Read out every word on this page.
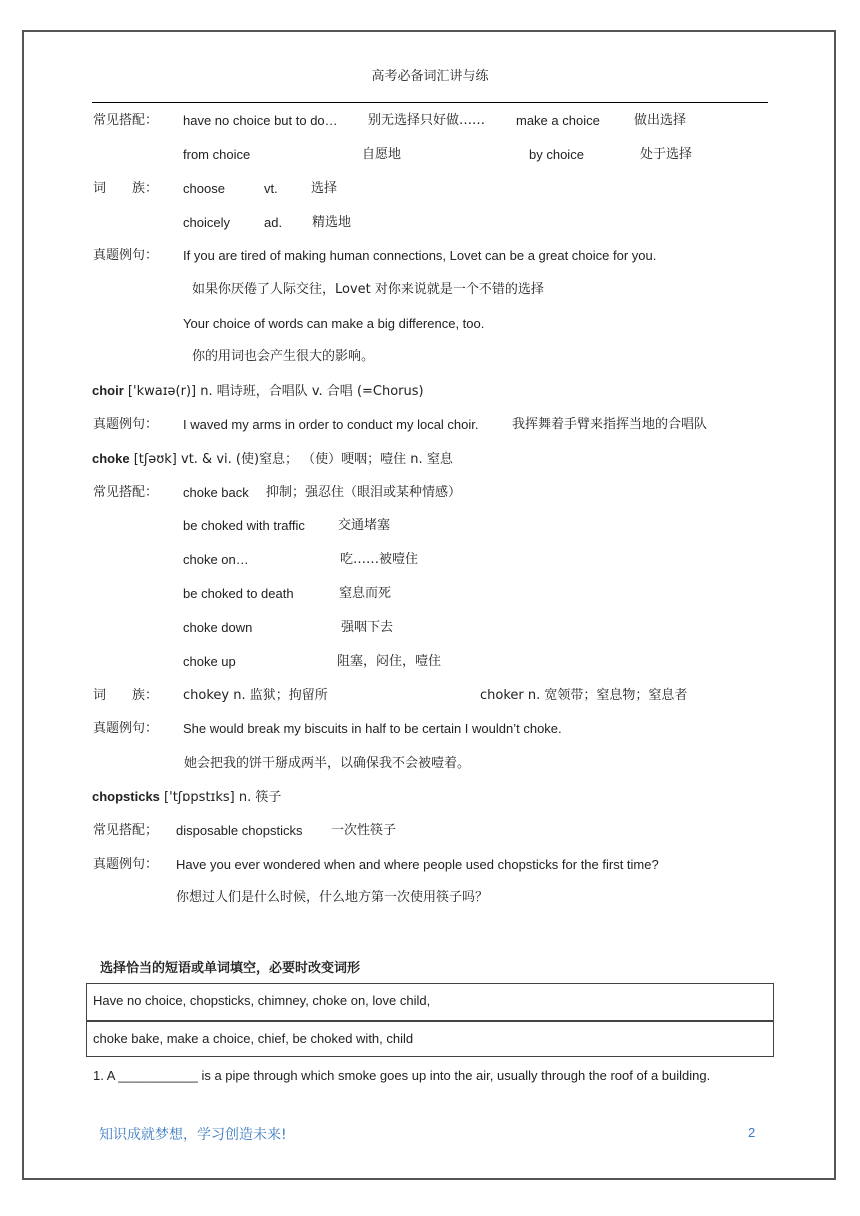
高考必备词汇讲与练
常见搭配： have no choice but to do… 别无选择只好做…… make a choice	做出选择
from choice	自愿地	by choice	处于选择
词　　族： choose	vt.	选择
choicely	ad. 精选地
真题例句： If you are tired of making human connections, Lovet can be a great choice for you.
如果你厌倦了人际交往，Lovet 对你来说就是一个不错的选择
Your choice of words can make a big difference, too.
你的用词也会产生很大的影响。
choir ['kwaɪə(r)] n. 唱诗班，合唱队 v. 合唱 (=Chorus)
真题例句： I waved my arms in order to conduct my local choir.	我挥舞着手臂来指挥当地的合唱队
choke [tʃəʊk] vt. & vi. (使)窒息； （使）哽咽；噎住 n. 窒息
常见搭配： choke back 抑制；强忍住（眼泪或某种情感）
be choked with traffic	交通堵塞
choke on…	吃……被噎住
be choked to death	窒息而死
choke down	强咽下去
choke up	阻塞，闷住，噎住
词　　族： chokey n. 监狱；拘留所	choker n. 宽领带；窒息物；窒息者
真题例句： She would break my biscuits in half to be certain I wouldn’t choke.
她会把我的饼干掰成两半，以确保我不会被噎着。
chopsticks ['tʃɒpstɪks] n. 筷子
常见搭配； disposable chopsticks 一次性筷子
真题例句： Have you ever wondered when and where people used chopsticks for the first time?
你想过人们是什么时候，什么地方第一次使用筷子吗？
选择恰当的短语或单词填空，必要时改变词形
Have no choice, chopsticks, chimney, choke on, love child,
choke bake, make a choice, chief, be choked with, child
1. A ___________ is a pipe through which smoke goes up into the air, usually through the roof of a building.
知识成就梦想，学习创造未来!	2
